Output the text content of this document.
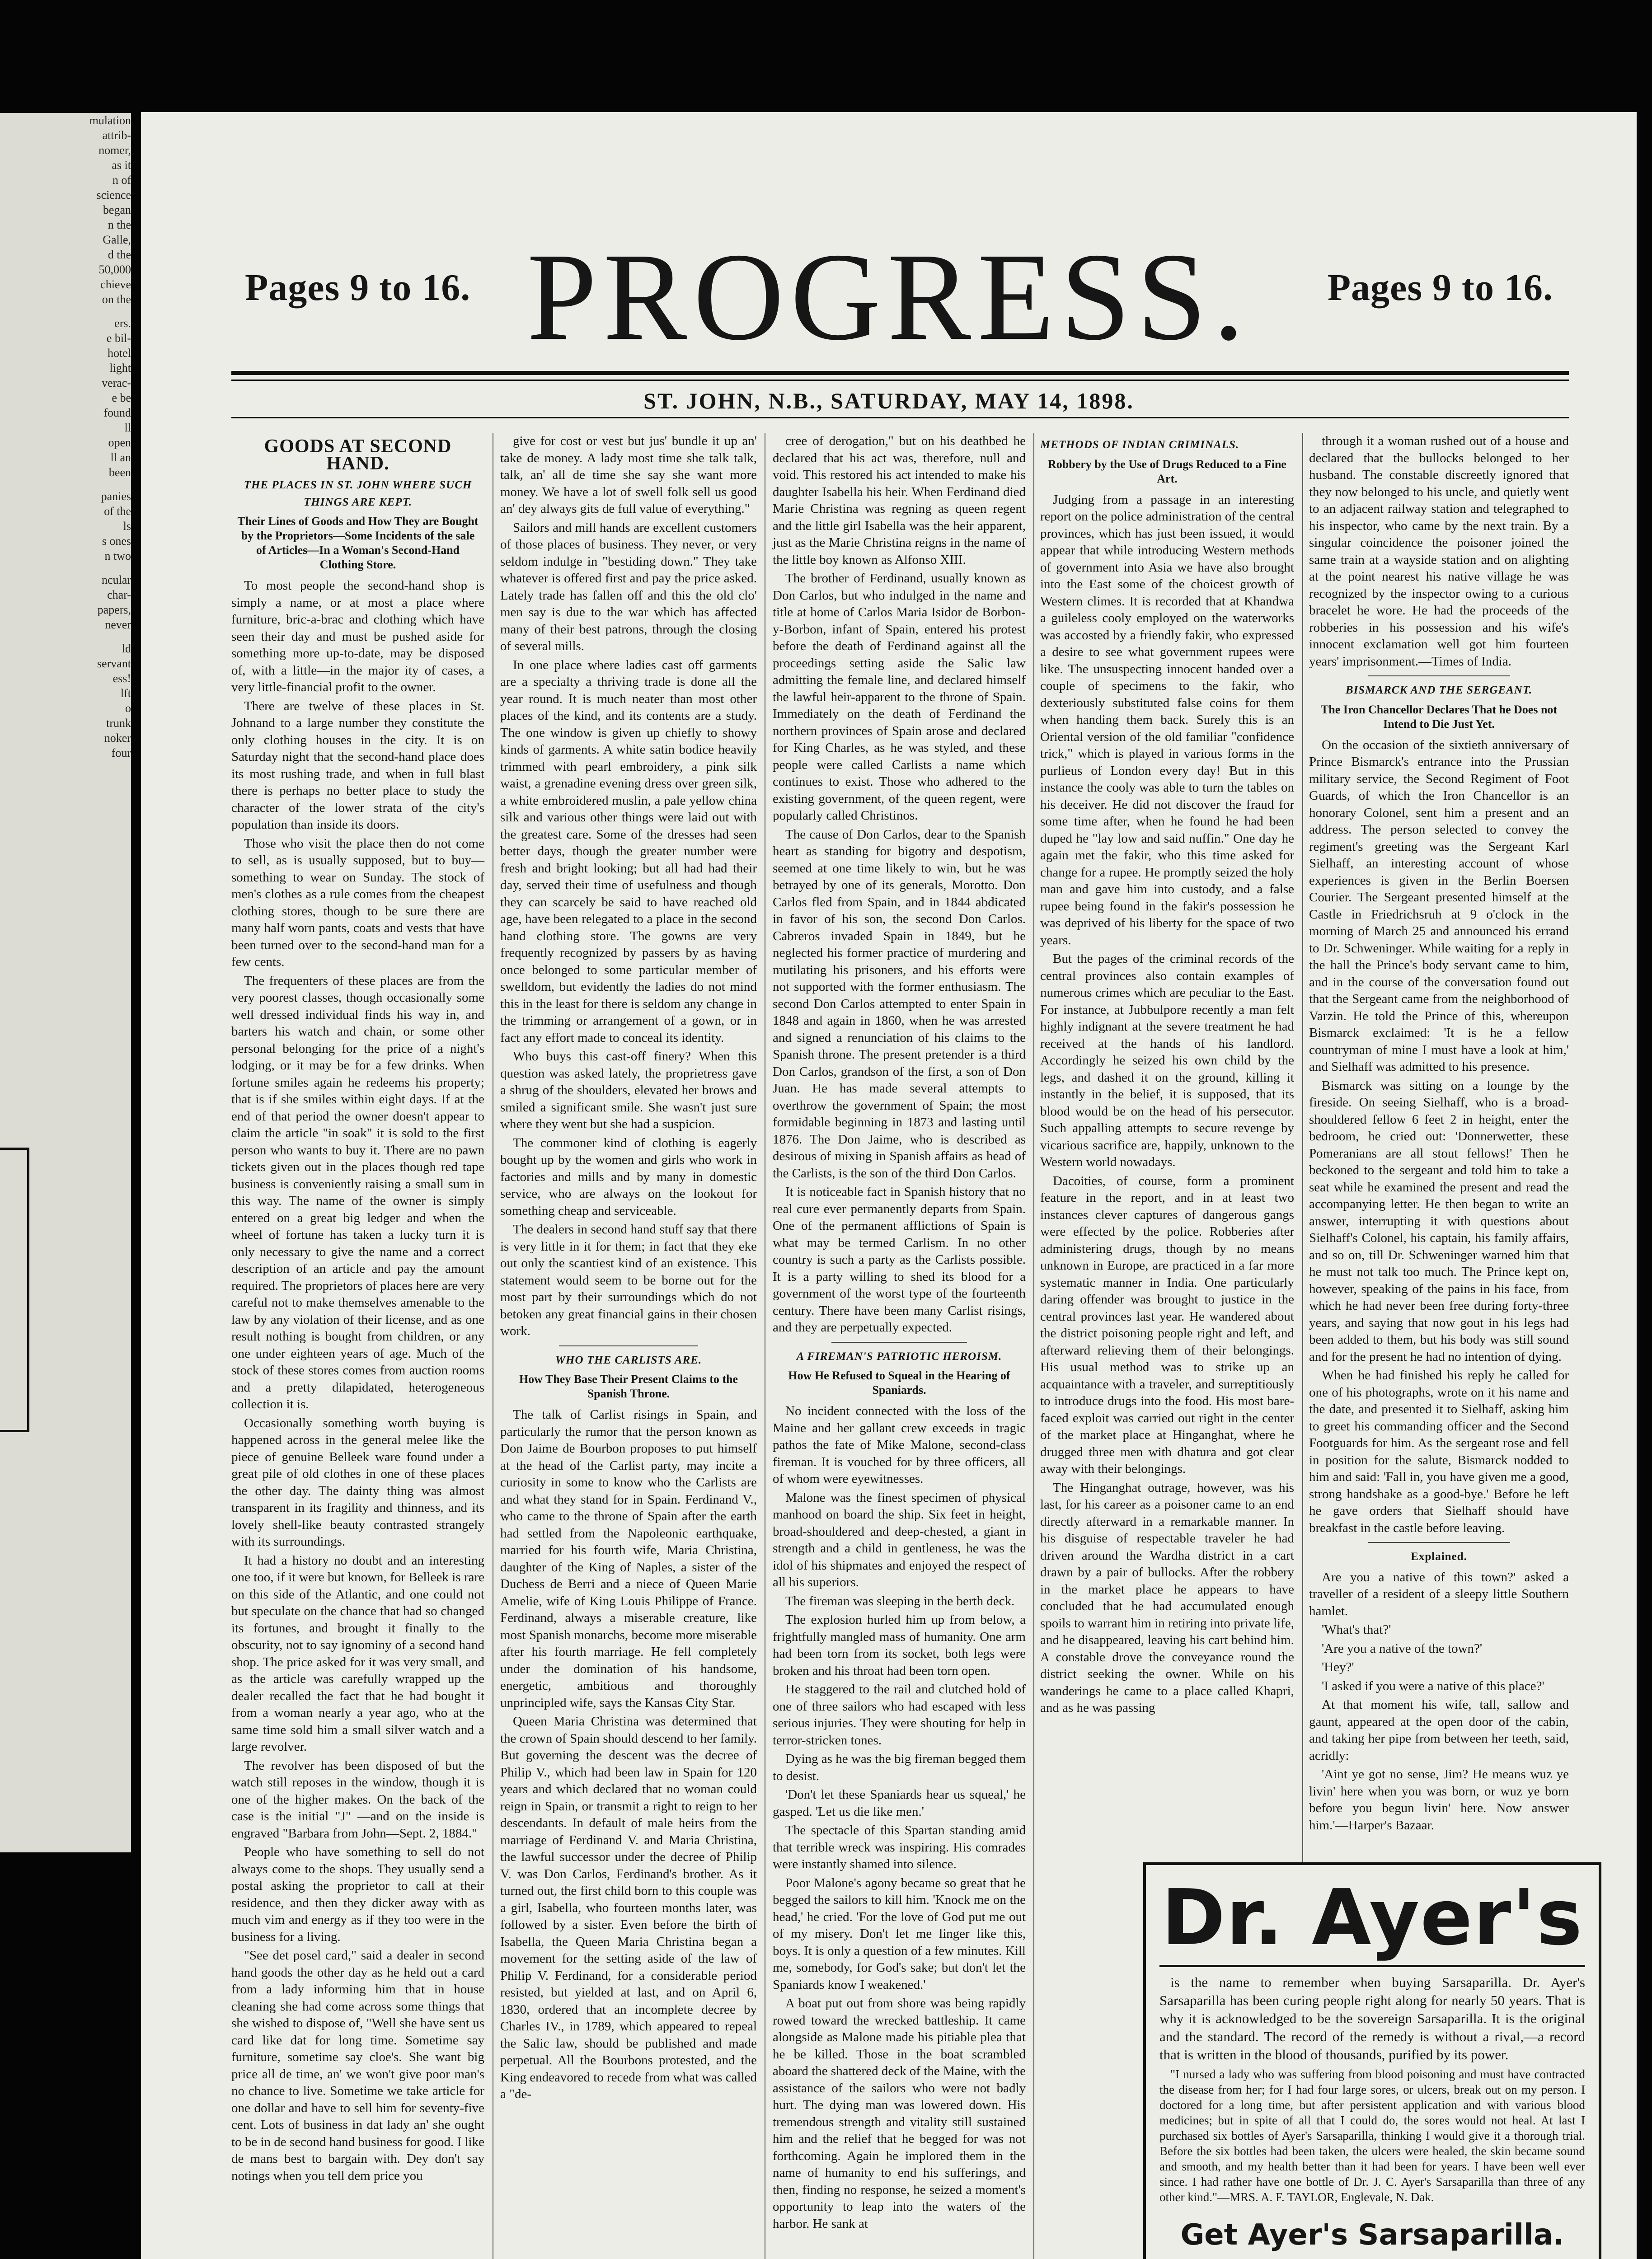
mulation
attrib-
nomer,
as it
n of
science
began
n the
Galle,
d the
50,000
chieve
on the
ers.
e bil-
hotel
light
verac-
e be
found
ll
open
ll an
been
panies
of the
ls
s ones
n two
ncular
char-
papers,
never
ld
servant
ess!
lft
o
trunk
noker
four
Pages 9 to 16. PROGRESS.	Pages 9 to 16.
ST. JOHN, N.B., SATURDAY, MAY 14, 1898.
GOODS AT SECOND HAND.
THE PLACES IN ST. JOHN WHERE SUCH THINGS ARE KEPT.
Their Lines of Goods and How They are Bought by the Proprietors—Some Incidents of the sale of Articles—In a Woman's Second-Hand Clothing Store.

To most people the second-hand shop is simply a name, or at most a place where furniture, bric-a-brac and clothing which have seen their day and must be pushed aside for something more up-to-date, may be disposed of, with a little—in the major ity of cases, a very little-financial profit to the owner.

There are twelve of these places in St. Johnand to a large number they constitute the only clothing houses in the city. It is on Saturday night that the second-hand place does its most rushing trade, and when in full blast there is perhaps no better place to study the character of the lower strata of the city's population than inside its doors.

Those who visit the place then do not come to sell, as is usually supposed, but to buy—something to wear on Sunday. The stock of men's clothes as a rule comes from the cheapest clothing stores, though to be sure there are many half worn pants, coats and vests that have been turned over to the second-hand man for a few cents.

The frequenters of these places are from the very poorest classes, though occasionally some well dressed individual finds his way in, and barters his watch and chain, or some other personal belonging for the price of a night's lodging, or it may be for a few drinks. When fortune smiles again he redeems his property; that is if she smiles within eight days. If at the end of that period the owner doesn't appear to claim the article "in soak" it is sold to the first person who wants to buy it. There are no pawn tickets given out in the places though red tape business is conveniently raising a small sum in this way. The name of the owner is simply entered on a great big ledger and when the wheel of fortune has taken a lucky turn it is only necessary to give the name and a correct description of an article and pay the amount required. The proprietors of places here are very careful not to make themselves amenable to the law by any violation of their license, and as one result nothing is bought from children, or any one under eighteen years of age. Much of the stock of these stores comes from auction rooms and a pretty dilapidated, heterogeneous collection it is.

Occasionally something worth buying is happened across in the general melee like the piece of genuine Belleek ware found under a great pile of old clothes in one of these places the other day. The dainty thing was almost transparent in its fragility and thinness, and its lovely shell-like beauty contrasted strangely with its surroundings.

It had a history no doubt and an interesting one too, if it were but known, for Belleek is rare on this side of the Atlantic, and one could not but speculate on the chance that had so changed its fortunes, and brought it finally to the obscurity, not to say ignominy of a second hand shop. The price asked for it was very small, and as the article was carefully wrapped up the dealer recalled the fact that he had bought it from a woman nearly a year ago, who at the same time sold him a small silver watch and a large revolver.

The revolver has been disposed of but the watch still reposes in the window, though it is one of the higher makes. On the back of the case is the initial "J" —and on the inside is engraved "Barbara from John—Sept. 2, 1884."

People who have something to sell do not always come to the shops. They usually send a postal asking the proprietor to call at their residence, and then they dicker away with as much vim and energy as if they too were in the business for a living.

"See det posel card," said a dealer in second hand goods the other day as he held out a card from a lady informing him that in house cleaning she had come across some things that she wished to dispose of, "Well she have sent us card like dat for long time. Sometime say furniture, sometime say cloe's. She want big price all de time, an' we won't give poor man's no chance to live. Sometime we take article for one dollar and have to sell him for seventy-five cent. Lots of business in dat lady an' she ought to be in de second hand business for good. I like de mans best to bargain with. Dey don't say notings when you tell dem price you

give for cost or vest but jus' bundle it up an' take de money. A lady most time she talk talk, talk, an' all de time she say she want more money. We have a lot of swell folk sell us good an' dey always gits de full value of everything."

Sailors and mill hands are excellent customers of those places of business. They never, or very seldom indulge in "bestiding down." They take whatever is offered first and pay the price asked. Lately trade has fallen off and this the old clo' men say is due to the war which has affected many of their best patrons, through the closing of several mills.

In one place where ladies cast off garments are a specialty a thriving trade is done all the year round. It is much neater than most other places of the kind, and its contents are a study. The one window is given up chiefly to showy kinds of garments. A white satin bodice heavily trimmed with pearl embroidery, a pink silk waist, a grenadine evening dress over green silk, a white embroidered muslin, a pale yellow china silk and various other things were laid out with the greatest care. Some of the dresses had seen better days, though the greater number were fresh and bright looking; but all had had their day, served their time of usefulness and though they can scarcely be said to have reached old age, have been relegated to a place in the second hand clothing store. The gowns are very frequently recognized by passers by as having once belonged to some particular member of swelldom, but evidently the ladies do not mind this in the least for there is seldom any change in the trimming or arrangement of a gown, or in fact any effort made to conceal its identity.

Who buys this cast-off finery? When this question was asked lately, the proprietress gave a shrug of the shoulders, elevated her brows and smiled a significant smile. She wasn't just sure where they went but she had a suspicion.

The commoner kind of clothing is eagerly bought up by the women and girls who work in factories and mills and by many in domestic service, who are always on the lookout for something cheap and serviceable.

The dealers in second hand stuff say that there is very little in it for them; in fact that they eke out only the scantiest kind of an existence. This statement would seem to be borne out for the most part by their surroundings which do not betoken any great financial gains in their chosen work.

WHO THE CARLISTS ARE.
How They Base Their Present Claims to the Spanish Throne.

The talk of Carlist risings in Spain, and particularly the rumor that the person known as Don Jaime de Bourbon proposes to put himself at the head of the Carlist party, may incite a curiosity in some to know who the Carlists are and what they stand for in Spain. Ferdinand V., who came to the throne of Spain after the earth had settled from the Napoleonic earthquake, married for his fourth wife, Maria Christina, daughter of the King of Naples, a sister of the Duchess de Berri and a niece of Queen Marie Amelie, wife of King Louis Philippe of France. Ferdinand, always a miserable creature, like most Spanish monarchs, become more miserable after his fourth marriage. He fell completely under the domination of his handsome, energetic, ambitious and thoroughly unprincipled wife, says the Kansas City Star.

Queen Maria Christina was determined that the crown of Spain should descend to her family. But governing the descent was the decree of Philip V., which had been law in Spain for 120 years and which declared that no woman could reign in Spain, or transmit a right to reign to her descendants. In default of male heirs from the marriage of Ferdinand V. and Maria Christina, the lawful successor under the decree of Philip V. was Don Carlos, Ferdinand's brother. As it turned out, the first child born to this couple was a girl, Isabella, who fourteen months later, was followed by a sister. Even before the birth of Isabella, the Queen Maria Christina began a movement for the setting aside of the law of Philip V. Ferdinand, for a considerable period resisted, but yielded at last, and on April 6, 1830, ordered that an incomplete decree by Charles IV., in 1789, which appeared to repeal the Salic law, should be published and made perpetual. All the Bourbons protested, and the King endeavored to recede from what was called a "de-

cree of derogation," but on his deathbed he declared that his act was, therefore, null and void. This restored his act intended to make his daughter Isabella his heir. When Ferdinand died Marie Christina was regning as queen regent and the little girl Isabella was the heir apparent, just as the Marie Christina reigns in the name of the little boy known as Alfonso XIII.

The brother of Ferdinand, usually known as Don Carlos, but who indulged in the name and title at home of Carlos Maria Isidor de Borbon-y-Borbon, infant of Spain, entered his protest before the death of Ferdinand against all the proceedings setting aside the Salic law admitting the female line, and declared himself the lawful heir-apparent to the throne of Spain. Immediately on the death of Ferdinand the northern provinces of Spain arose and declared for King Charles, as he was styled, and these people were called Carlists a name which continues to exist. Those who adhered to the existing government, of the queen regent, were popularly called Christinos.

The cause of Don Carlos, dear to the Spanish heart as standing for bigotry and despotism, seemed at one time likely to win, but he was betrayed by one of its generals, Morotto. Don Carlos fled from Spain, and in 1844 abdicated in favor of his son, the second Don Carlos. Cabreros invaded Spain in 1849, but he neglected his former practice of murdering and mutilating his prisoners, and his efforts were not supported with the former enthusiasm. The second Don Carlos attempted to enter Spain in 1848 and again in 1860, when he was arrested and signed a renunciation of his claims to the Spanish throne. The present pretender is a third Don Carlos, grandson of the first, a son of Don Juan. He has made several attempts to overthrow the government of Spain; the most formidable beginning in 1873 and lasting until 1876. The Don Jaime, who is described as desirous of mixing in Spanish affairs as head of the Carlists, is the son of the third Don Carlos.

It is noticeable fact in Spanish history that no real cure ever permanently departs from Spain. One of the permanent afflictions of Spain is what may be termed Carlism. In no other country is such a party as the Carlists possible. It is a party willing to shed its blood for a government of the worst type of the fourteenth century. There have been many Carlist risings, and they are perpetually expected.

A FIREMAN'S PATRIOTIC HEROISM.
How He Refused to Squeal in the Hearing of Spaniards.

No incident connected with the loss of the Maine and her gallant crew exceeds in tragic pathos the fate of Mike Malone, second-class fireman. It is vouched for by three officers, all of whom were eyewitnesses.

Malone was the finest specimen of physical manhood on board the ship. Six feet in height, broad-shouldered and deep-chested, a giant in strength and a child in gentleness, he was the idol of his shipmates and enjoyed the respect of all his superiors.

The fireman was sleeping in the berth deck.

The explosion hurled him up from below, a frightfully mangled mass of humanity. One arm had been torn from its socket, both legs were broken and his throat had been torn open.

He staggered to the rail and clutched hold of one of three sailors who had escaped with less serious injuries. They were shouting for help in terror-stricken tones.

Dying as he was the big fireman begged them to desist.

'Don't let these Spaniards hear us squeal,' he gasped. 'Let us die like men.'

The spectacle of this Spartan standing amid that terrible wreck was inspiring. His comrades were instantly shamed into silence.

Poor Malone's agony became so great that he begged the sailors to kill him. 'Knock me on the head,' he cried. 'For the love of God put me out of my misery. Don't let me linger like this, boys. It is only a question of a few minutes. Kill me, somebody, for God's sake; but don't let the Spaniards know I weakened.'

A boat put out from shore was being rapidly rowed toward the wrecked battleship. It came alongside as Malone made his pitiable plea that he be killed. Those in the boat scrambled aboard the shattered deck of the Maine, with the assistance of the sailors who were not badly hurt. The dying man was lowered down. His tremendous strength and vitality still sustained him and the relief that he begged for was not forthcoming. Again he implored them in the name of humanity to end his sufferings, and then, finding no response, he seized a moment's opportunity to leap into the waters of the harbor. He sank at

METHODS OF INDIAN CRIMINALS.
Robbery by the Use of Drugs Reduced to a Fine Art.

Judging from a passage in an interesting report on the police administration of the central provinces, which has just been issued, it would appear that while introducing Western methods of government into Asia we have also brought into the East some of the choicest growth of Western climes. It is recorded that at Khandwa a guileless cooly employed on the waterworks was accosted by a friendly fakir, who expressed a desire to see what government rupees were like. The unsuspecting innocent handed over a couple of specimens to the fakir, who dexteriously substituted false coins for them when handing them back. Surely this is an Oriental version of the old familiar "confidence trick," which is played in various forms in the purlieus of London every day! But in this instance the cooly was able to turn the tables on his deceiver. He did not discover the fraud for some time after, when he found he had been duped he "lay low and said nuffin." One day he again met the fakir, who this time asked for change for a rupee. He promptly seized the holy man and gave him into custody, and a false rupee being found in the fakir's possession he was deprived of his liberty for the space of two years.

But the pages of the criminal records of the central provinces also contain examples of numerous crimes which are peculiar to the East. For instance, at Jubbulpore recently a man felt highly indignant at the severe treatment he had received at the hands of his landlord. Accordingly he seized his own child by the legs, and dashed it on the ground, killing it instantly in the belief, it is supposed, that its blood would be on the head of his persecutor. Such appalling attempts to secure revenge by vicarious sacrifice are, happily, unknown to the Western world nowadays.

Dacoities, of course, form a prominent feature in the report, and in at least two instances clever captures of dangerous gangs were effected by the police. Robberies after administering drugs, though by no means unknown in Europe, are practiced in a far more systematic manner in India. One particularly daring offender was brought to justice in the central provinces last year. He wandered about the district poisoning people right and left, and afterward relieving them of their belongings. His usual method was to strike up an acquaintance with a traveler, and surreptitiously to introduce drugs into the food. His most bare-faced exploit was carried out right in the center of the market place at Hinganghat, where he drugged three men with dhatura and got clear away with their belongings.

The Hinganghat outrage, however, was his last, for his career as a poisoner came to an end directly afterward in a remarkable manner. In his disguise of respectable traveler he had driven around the Wardha district in a cart drawn by a pair of bullocks. After the robbery in the market place he appears to have concluded that he had accumulated enough spoils to warrant him in retiring into private life, and he disappeared, leaving his cart behind him. A constable drove the conveyance round the district seeking the owner. While on his wanderings he came to a place called Khapri, and as he was passing

through it a woman rushed out of a house and declared that the bullocks belonged to her husband. The constable discreetly ignored that they now belonged to his uncle, and quietly went to an adjacent railway station and telegraphed to his inspector, who came by the next train. By a singular coincidence the poisoner joined the same train at a wayside station and on alighting at the point nearest his native village he was recognized by the inspector owing to a curious bracelet he wore. He had the proceeds of the robberies in his possession and his wife's innocent exclamation well got him fourteen years' imprisonment.—Times of India.

BISMARCK AND THE SERGEANT.
The Iron Chancellor Declares That he Does not Intend to Die Just Yet.

On the occasion of the sixtieth anniversary of Prince Bismarck's entrance into the Prussian military service, the Second Regiment of Foot Guards, of which the Iron Chancellor is an honorary Colonel, sent him a present and an address. The person selected to convey the regiment's greeting was the Sergeant Karl Sielhaff, an interesting account of whose experiences is given in the Berlin Boersen Courier. The Sergeant presented himself at the Castle in Friedrichsruh at 9 o'clock in the morning of March 25 and announced his errand to Dr. Schweninger. While waiting for a reply in the hall the Prince's body servant came to him, and in the course of the conversation found out that the Sergeant came from the neighborhood of Varzin. He told the Prince of this, whereupon Bismarck exclaimed: 'It is he a fellow countryman of mine I must have a look at him,' and Sielhaff was admitted to his presence.

Bismarck was sitting on a lounge by the fireside. On seeing Sielhaff, who is a broad-shouldered fellow 6 feet 2 in height, enter the bedroom, he cried out: 'Donnerwetter, these Pomeranians are all stout fellows!' Then he beckoned to the sergeant and told him to take a seat while he examined the present and read the accompanying letter. He then began to write an answer, interrupting it with questions about Sielhaff's Colonel, his captain, his family affairs, and so on, till Dr. Schweninger warned him that he must not talk too much. The Prince kept on, however, speaking of the pains in his face, from which he had never been free during forty-three years, and saying that now gout in his legs had been added to them, but his body was still sound and for the present he had no intention of dying.

When he had finished his reply he called for one of his photographs, wrote on it his name and the date, and presented it to Sielhaff, asking him to greet his commanding officer and the Second Footguards for him. As the sergeant rose and fell in position for the salute, Bismarck nodded to him and said: 'Fall in, you have given me a good, strong handshake as a good-bye.' Before he left he gave orders that Sielhaff should have breakfast in the castle before leaving.

Explained.

Are you a native of this town?' asked a traveller of a resident of a sleepy little Southern hamlet.

'What's that?'

'Are you a native of the town?'

'Hey?'

'I asked if you were a native of this place?'

At that moment his wife, tall, sallow and gaunt, appeared at the open door of the cabin, and taking her pipe from between her teeth, said, acridly:

'Aint ye got no sense, Jim? He means wuz ye livin' here when you was born, or wuz ye born before you begun livin' here. Now answer him.'—Harper's Bazaar.

Dr. Ayer's

is the name to remember when buying Sarsaparilla. Dr. Ayer's Sarsaparilla has been curing people right along for nearly 50 years. That is why it is acknowledged to be the sovereign Sarsaparilla. It is the original and the standard. The record of the remedy is without a rival,—a record that is written in the blood of thousands, purified by its power.

"I nursed a lady who was suffering from blood poisoning and must have contracted the disease from her; for I had four large sores, or ulcers, break out on my person. I doctored for a long time, but after persistent application and with various blood medicines; but in spite of all that I could do, the sores would not heal. At last I purchased six bottles of Ayer's Sarsaparilla, thinking I would give it a thorough trial. Before the six bottles had been taken, the ulcers were healed, the skin became sound and smooth, and my health better than it had been for years. I have been well ever since. I had rather have one bottle of Dr. J. C. Ayer's Sarsaparilla than three of any other kind."—MRS. A. F. TAYLOR, Englevale, N. Dak.
Get Ayer's Sarsaparilla.
